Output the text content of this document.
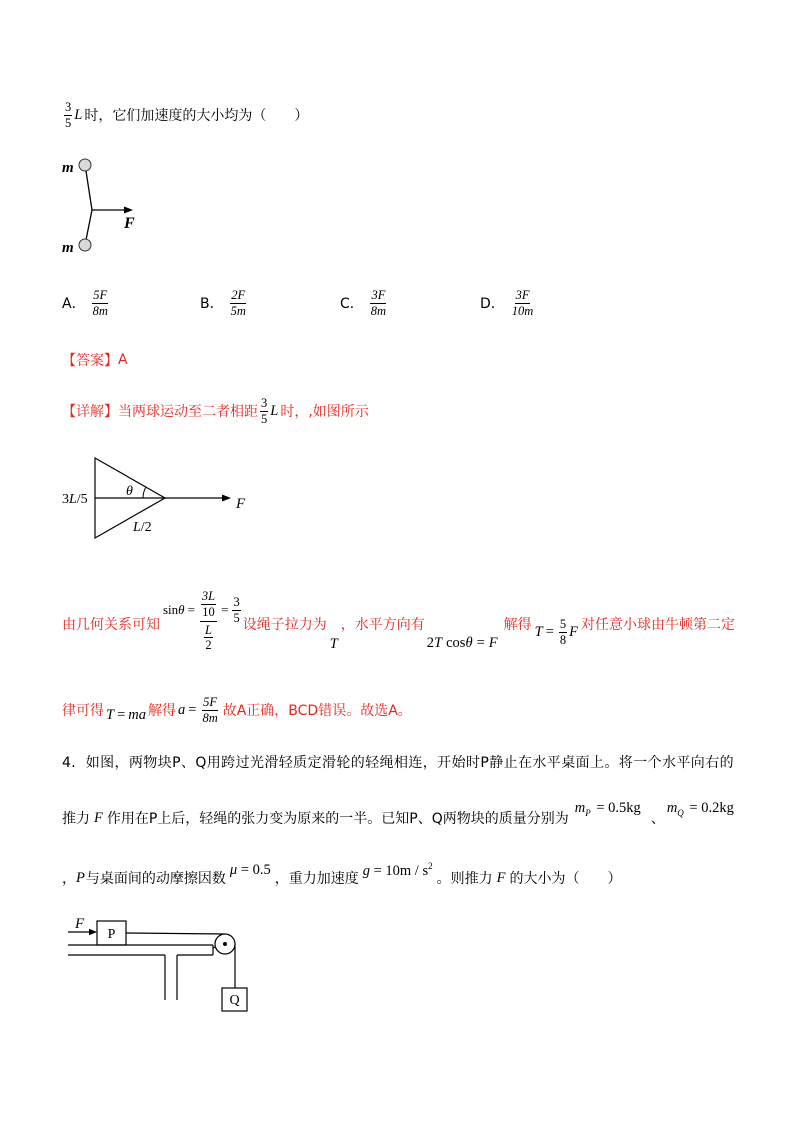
$\frac{3}{5}$ L 时，它们加速度的大小均为（　　）
m
m
F
A． $\frac{5F}{8m}$	B． $\frac{2F}{5m}$	C． $\frac{3F}{8m}$	D． $\frac{3F}{10m}$
【答案】 A
【详解】 当两球运动至二者相距 $\frac{3}{5}$ L 时，,如图所示
3L/5
θ
L/2
F
由几何关系可知
$\sin \theta = \frac{\frac{3L}{10}}{\frac{L}{2}} = \frac{3}{5}$ 设绳子拉力为
T
，水平方向有
2 T cos θ = F
解得 $T = \frac{5}{8}$ F 对任意小球由牛顿第二定
律可得 T = ma 解得 $a = \frac{5F}{8m}$ 故A正确，BCD错误。故选A。
4．如图，两物块P、Q用跨过光滑轻质定滑轮的轻绳相连，开始时P静止在水平桌面上。将一个水平向右的
推力 F 作用在P上后，轻绳的张力变为原来的一半。已知P、Q两物块的质量分别为
$m_P = 0.5kg$
、
$m_Q = 0.2kg$
， P 与桌面间的动摩擦因数
μ = 0.5
，重力加速度
$g = 10m / s^2$
。则推力 F 的大小为（　　）
F
P
Q
